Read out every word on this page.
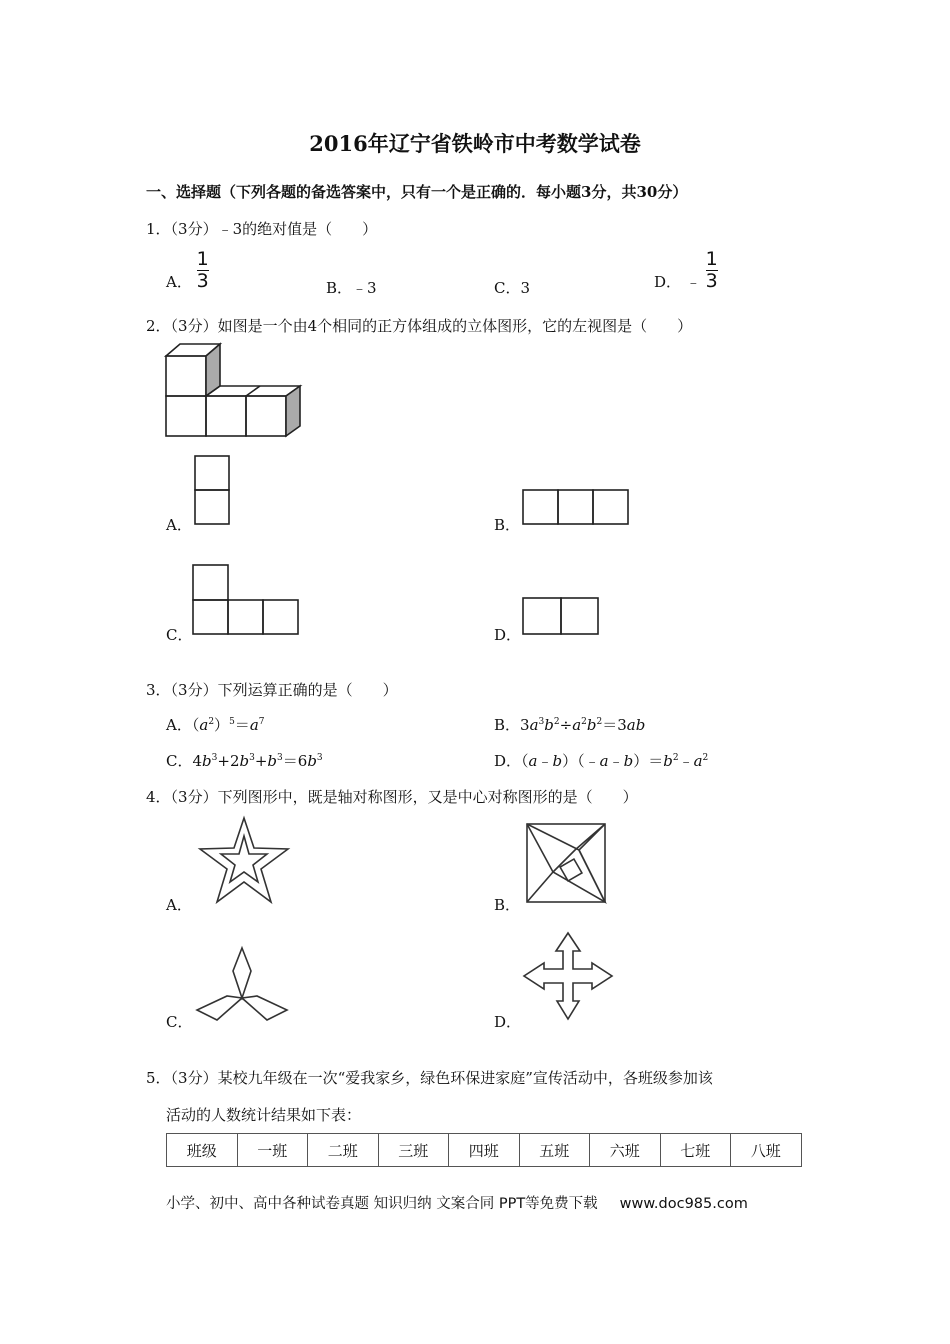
2016年辽宁省铁岭市中考数学试卷
一、选择题（下列各题的备选答案中，只有一个是正确的．每小题3分，共30分）
1．（3分）﹣3的绝对值是（　　）
A． $\frac{1}{3}$	B．﹣3	C．3	D． ﹣ $\frac{1}{3}$
2．（3分）如图是一个由4个相同的正方体组成的立体图形，它的左视图是（　　）
A．	B．
C．	D．
3．（3分）下列运算正确的是（　　）
A．$(a^2)^5=a^7$	B．$3a^3b^2\div a^2b^2=3ab$
C．$4b^3+2b^3+b^3=6b^3$	D．$(a﹣b)(﹣a﹣b)=b^2﹣a^2$
4．（3分）下列图形中，既是轴对称图形，又是中心对称图形的是（　　）
A．	B．
C．	D．
5．（3分）某校九年级在一次“爱我家乡，绿色环保进家庭”宣传活动中，各班级参加该
活动的人数统计结果如下表：
班级	一班	二班	三班	四班	五班	六班	七班	八班
小学、初中、高中各种试卷真题 知识归纳 文案合同 PPT等免费下载 www.doc985.com
